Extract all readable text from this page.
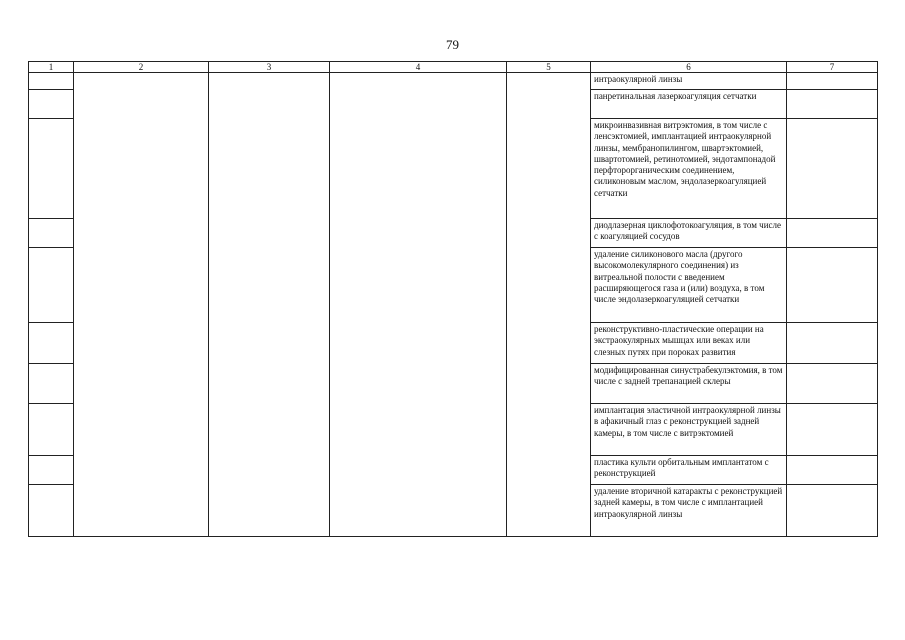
79
1	2	3	4	5	6	7
					интраокулярной линзы	
					панретинальная лазеркоагуляция сетчатки	
					микроинвазивная витрэктомия, в том числе с ленсэктомией, имплантацией интраокулярной линзы, мембранопилингом, швартэктомией, швартотомией, ретинотомией, эндотампонадой перфторорганическим соединением, силиконовым маслом, эндолазеркоагуляцией сетчатки	
					диодлазерная циклофотокоагуляция, в том числе с коагуляцией сосудов	
					удаление силиконового масла (другого высокомолекулярного соединения) из витреальной полости с введением расширяющегося газа и (или) воздуха, в том числе эндолазеркоагуляцией сетчатки	
					реконструктивно-пластические операции на экстраокулярных мышцах или веках или слезных путях при пороках развития	
					модифицированная синустрабекулэктомия, в том числе с задней трепанацией склеры	
					имплантация эластичной интраокулярной линзы в афакичный глаз с реконструкцией задней камеры, в том числе с витрэктомией	
					пластика культи орбитальным имплантатом с реконструкцией	
					удаление вторичной катаракты с реконструкцией задней камеры, в том числе с имплантацией интраокулярной линзы	
